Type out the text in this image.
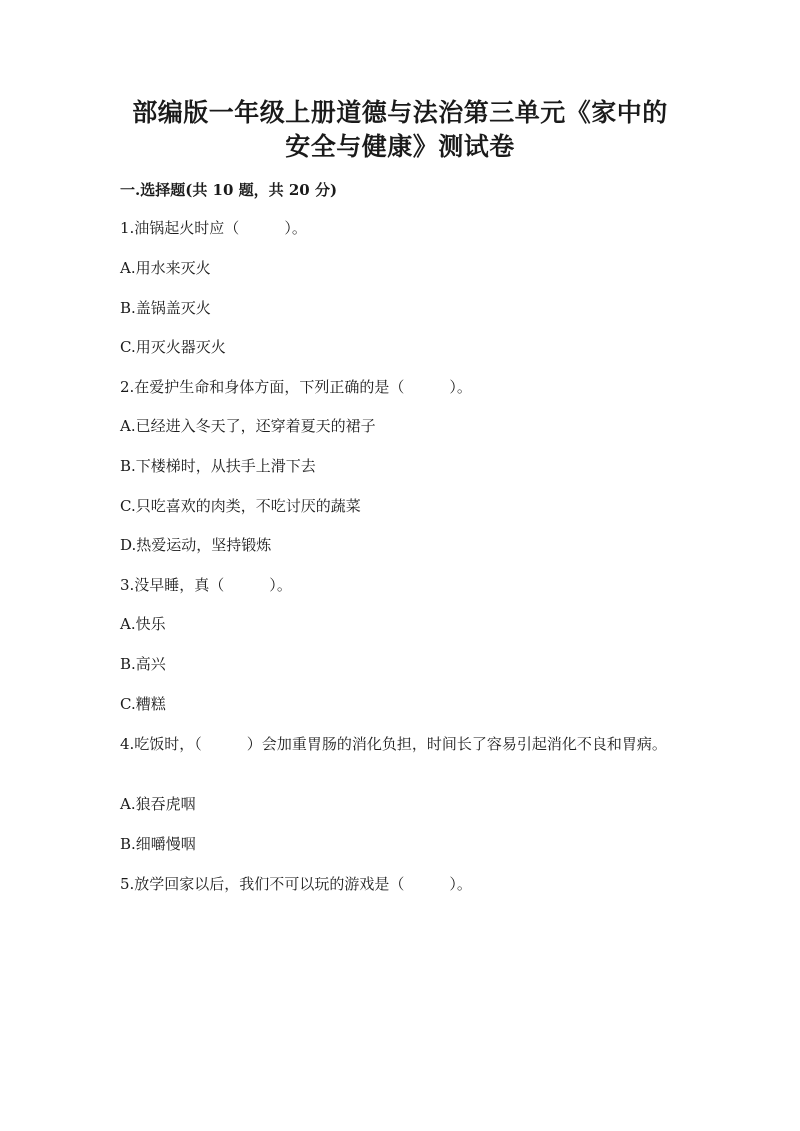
部编版一年级上册道德与法治第三单元《家中的安全与健康》测试卷
一.选择题(共 10 题，共 20 分)
1.油锅起火时应（　　　）。
A.用水来灭火
B.盖锅盖灭火
C.用灭火器灭火
2.在爱护生命和身体方面，下列正确的是（　　　）。
A.已经进入冬天了，还穿着夏天的裙子
B.下楼梯时，从扶手上滑下去
C.只吃喜欢的肉类，不吃讨厌的蔬菜
D.热爱运动，坚持锻炼
3.没早睡，真（　　　）。
A.快乐
B.高兴
C.糟糕
4.吃饭时，（　　　）会加重胃肠的消化负担，时间长了容易引起消化不良和胃病。
A.狼吞虎咽
B.细嚼慢咽
5.放学回家以后，我们不可以玩的游戏是（　　　）。
